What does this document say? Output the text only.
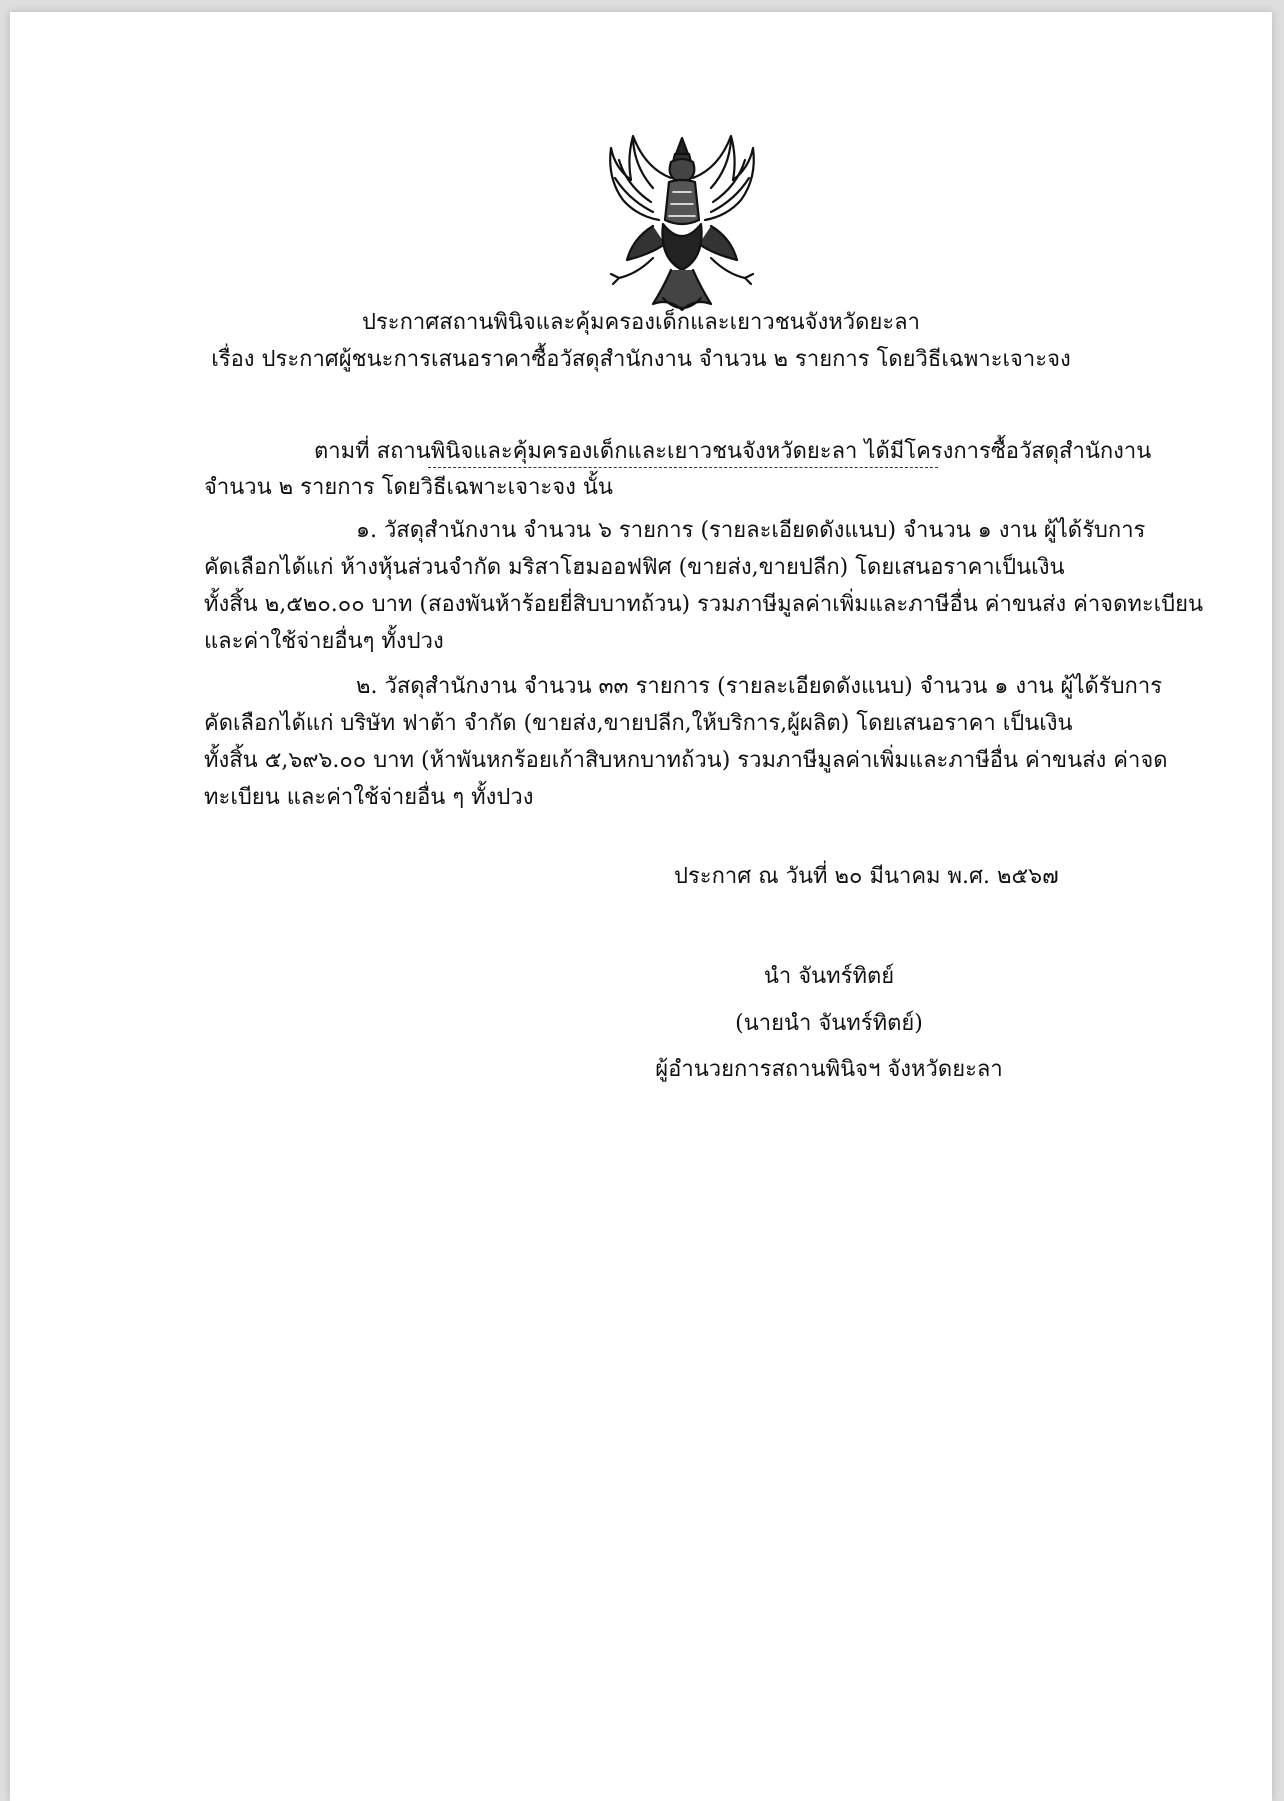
ประกาศสถานพินิจและคุ้มครองเด็กและเยาวชนจังหวัดยะลา
เรื่อง ประกาศผู้ชนะการเสนอราคาซื้อวัสดุสำนักงาน จำนวน ๒ รายการ โดยวิธีเฉพาะเจาะจง
ตามที่ สถานพินิจและคุ้มครองเด็กและเยาวชนจังหวัดยะลา ได้มีโครงการซื้อวัสดุสำนักงาน
จำนวน ๒ รายการ โดยวิธีเฉพาะเจาะจง นั้น
๑. วัสดุสำนักงาน จำนวน ๖ รายการ (รายละเอียดดังแนบ) จำนวน ๑ งาน ผู้ได้รับการ
คัดเลือกได้แก่ ห้างหุ้นส่วนจำกัด มริสาโฮมออฟฟิศ (ขายส่ง,ขายปลีก) โดยเสนอราคาเป็นเงิน
ทั้งสิ้น ๒,๕๒๐.๐๐ บาท (สองพันห้าร้อยยี่สิบบาทถ้วน) รวมภาษีมูลค่าเพิ่มและภาษีอื่น ค่าขนส่ง ค่าจดทะเบียน
และค่าใช้จ่ายอื่นๆ ทั้งปวง
๒. วัสดุสำนักงาน จำนวน ๓๓ รายการ (รายละเอียดดังแนบ) จำนวน ๑ งาน ผู้ได้รับการ
คัดเลือกได้แก่ บริษัท ฟาต้า จำกัด (ขายส่ง,ขายปลีก,ให้บริการ,ผู้ผลิต) โดยเสนอราคา เป็นเงิน
ทั้งสิ้น ๕,๖๙๖.๐๐ บาท (ห้าพันหกร้อยเก้าสิบหกบาทถ้วน) รวมภาษีมูลค่าเพิ่มและภาษีอื่น ค่าขนส่ง ค่าจด
ทะเบียน และค่าใช้จ่ายอื่น ๆ ทั้งปวง
ประกาศ ณ วันที่ ๒๐ มีนาคม พ.ศ. ๒๕๖๗
นำ จันทร์ทิตย์
(นายนำ จันทร์ทิตย์)
ผู้อำนวยการสถานพินิจฯ จังหวัดยะลา
